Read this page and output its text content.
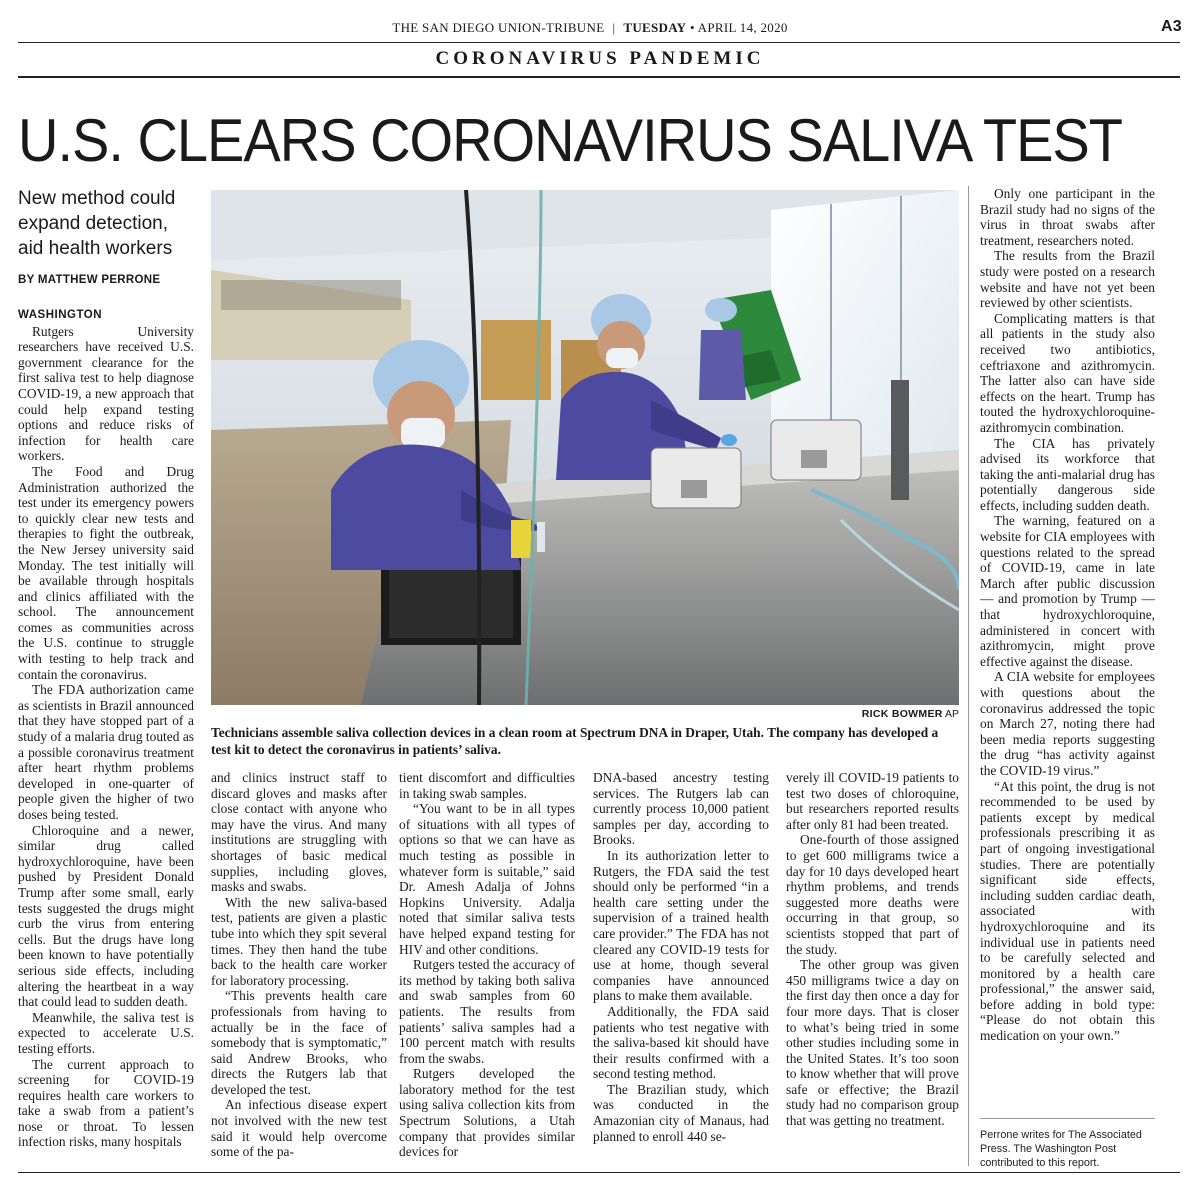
THE SAN DIEGO UNION-TRIBUNE | TUESDAY • APRIL 14, 2020	A3
CORONAVIRUS PANDEMIC
U.S. CLEARS CORONAVIRUS SALIVA TEST
New method could expand detection, aid health workers
BY MATTHEW PERRONE

WASHINGTON

Rutgers University researchers have received U.S. government clearance for the first saliva test to help diagnose COVID-19, a new approach that could help expand testing options and reduce risks of infection for health care workers.

The Food and Drug Administration authorized the test under its emergency powers to quickly clear new tests and therapies to fight the outbreak, the New Jersey university said Monday. The test initially will be available through hospitals and clinics affiliated with the school. The announcement comes as communities across the U.S. continue to struggle with testing to help track and contain the coronavirus.

The FDA authorization came as scientists in Brazil announced that they have stopped part of a study of a malaria drug touted as a possible coronavirus treatment after heart rhythm problems developed in one-quarter of people given the higher of two doses being tested.

Chloroquine and a newer, similar drug called hydroxychloroquine, have been pushed by President Donald Trump after some small, early tests suggested the drugs might curb the virus from entering cells. But the drugs have long been known to have potentially serious side effects, including altering the heartbeat in a way that could lead to sudden death.

Meanwhile, the saliva test is expected to accelerate U.S. testing efforts.

The current approach to screening for COVID-19 requires health care workers to take a swab from a patient’s nose or throat. To lessen infection risks, many hospitals

RICK BOWMER AP
Technicians assemble saliva collection devices in a clean room at Spectrum DNA in Draper, Utah. The company has developed a test kit to detect the coronavirus in patients’ saliva.

and clinics instruct staff to discard gloves and masks after close contact with anyone who may have the virus. And many institutions are struggling with shortages of basic medical supplies, including gloves, masks and swabs.

With the new saliva-based test, patients are given a plastic tube into which they spit several times. They then hand the tube back to the health care worker for laboratory processing.

“This prevents health care professionals from having to actually be in the face of somebody that is symptomatic,” said Andrew Brooks, who directs the Rutgers lab that developed the test.

An infectious disease expert not involved with the new test said it would help overcome some of the pa-

tient discomfort and difficulties in taking swab samples.

“You want to be in all types of situations with all types of options so that we can have as much testing as possible in whatever form is suitable,” said Dr. Amesh Adalja of Johns Hopkins University. Adalja noted that similar saliva tests have helped expand testing for HIV and other conditions.

Rutgers tested the accuracy of its method by taking both saliva and swab samples from 60 patients. The results from patients’ saliva samples had a 100 percent match with results from the swabs.

Rutgers developed the laboratory method for the test using saliva collection kits from Spectrum Solutions, a Utah company that provides similar devices for

DNA-based ancestry testing services. The Rutgers lab can currently process 10,000 patient samples per day, according to Brooks.

In its authorization letter to Rutgers, the FDA said the test should only be performed “in a health care setting under the supervision of a trained health care provider.” The FDA has not cleared any COVID-19 tests for use at home, though several companies have announced plans to make them available.

Additionally, the FDA said patients who test negative with the saliva-based kit should have their results confirmed with a second testing method.

The Brazilian study, which was conducted in the Amazonian city of Manaus, had planned to enroll 440 se-

verely ill COVID-19 patients to test two doses of chloroquine, but researchers reported results after only 81 had been treated.

One-fourth of those assigned to get 600 milligrams twice a day for 10 days developed heart rhythm problems, and trends suggested more deaths were occurring in that group, so scientists stopped that part of the study.

The other group was given 450 milligrams twice a day on the first day then once a day for four more days. That is closer to what’s being tried in some other studies including some in the United States. It’s too soon to know whether that will prove safe or effective; the Brazil study had no comparison group that was getting no treatment.

Only one participant in the Brazil study had no signs of the virus in throat swabs after treatment, researchers noted.

The results from the Brazil study were posted on a research website and have not yet been reviewed by other scientists.

Complicating matters is that all patients in the study also received two antibiotics, ceftriaxone and azithromycin. The latter also can have side effects on the heart. Trump has touted the hydroxychloroquine-azithromycin combination.

The CIA has privately advised its workforce that taking the anti-malarial drug has potentially dangerous side effects, including sudden death.

The warning, featured on a website for CIA employees with questions related to the spread of COVID-19, came in late March after public discussion — and promotion by Trump — that hydroxychloroquine, administered in concert with azithromycin, might prove effective against the disease.

A CIA website for employees with questions about the coronavirus addressed the topic on March 27, noting there had been media reports suggesting the drug “has activity against the COVID-19 virus.”

“At this point, the drug is not recommended to be used by patients except by medical professionals prescribing it as part of ongoing investigational studies. There are potentially significant side effects, including sudden cardiac death, associated with hydroxychloroquine and its individual use in patients need to be carefully selected and monitored by a health care professional,” the answer said, before adding in bold type: “Please do not obtain this medication on your own.”

Perrone writes for The Associated Press. The Washington Post contributed to this report.
